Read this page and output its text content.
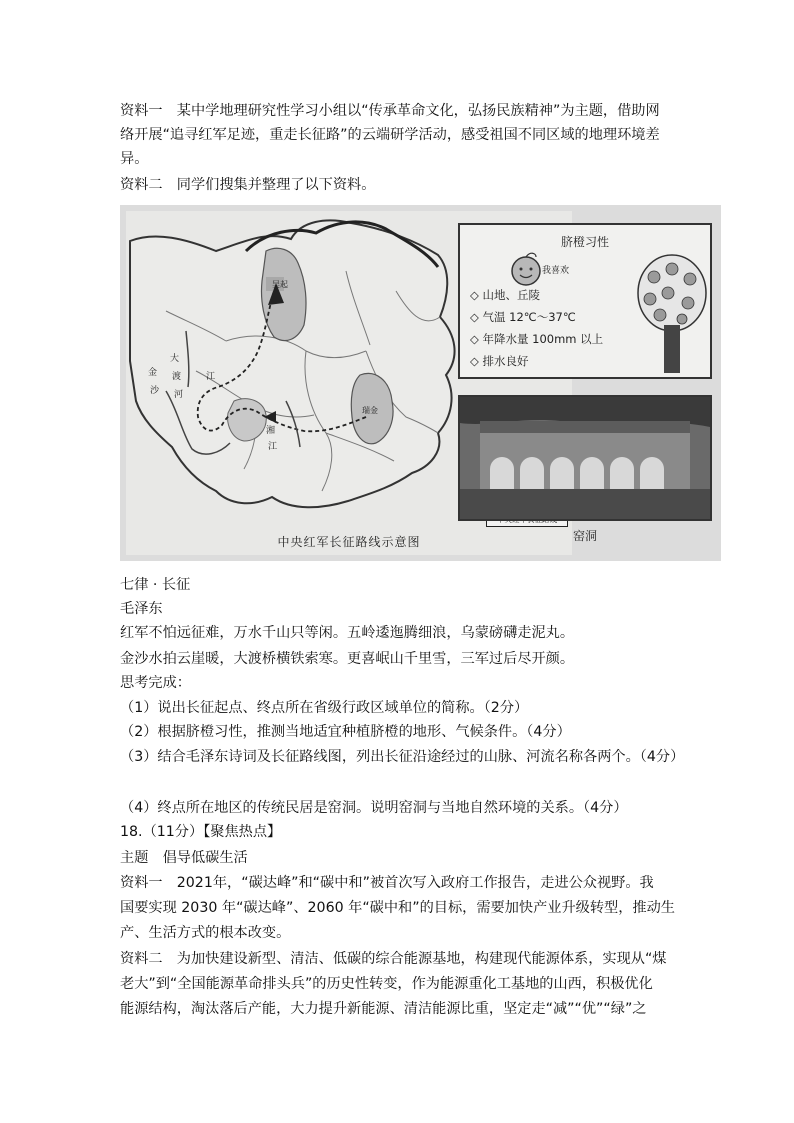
资料一　某中学地理研究性学习小组以“传承革命文化，弘扬民族精神”为主题，借助网
络开展“追寻红军足迹，重走长征路”的云端研学活动，感受祖国不同区域的地理环境差
异。
资料二　同学们搜集并整理了以下资料。
吴起
瑞金
大
渡
河
金
沙
江
湘
江
中央红军长征路线示意图
脐橙习性
我喜欢
◇ 山地、丘陵
◇ 气温 12℃～37℃
◇ 年降水量 100mm 以上
◇ 排水良好
窑洞
七律 · 长征
毛泽东
红军不怕远征难，万水千山只等闲。五岭逶迤腾细浪，乌蒙磅礴走泥丸。
金沙水拍云崖暖，大渡桥横铁索寒。更喜岷山千里雪，三军过后尽开颜。
思考完成：
（1）说出长征起点、终点所在省级行政区域单位的简称。（2分）
（2）根据脐橙习性，推测当地适宜种植脐橙的地形、气候条件。（4分）
（3）结合毛泽东诗词及长征路线图，列出长征沿途经过的山脉、河流名称各两个。（4分）
（4）终点所在地区的传统民居是窑洞。说明窑洞与当地自然环境的关系。（4分）
18.（11分）【聚焦热点】
主题　倡导低碳生活
资料一　2021年，“碳达峰”和“碳中和”被首次写入政府工作报告，走进公众视野。我
国要实现 2030 年“碳达峰”、2060 年“碳中和”的目标，需要加快产业升级转型，推动生
产、生活方式的根本改变。
资料二　为加快建设新型、清洁、低碳的综合能源基地，构建现代能源体系，实现从“煤
老大”到“全国能源革命排头兵”的历史性转变，作为能源重化工基地的山西，积极优化
能源结构，淘汰落后产能，大力提升新能源、清洁能源比重，坚定走“减”“优”“绿”之
